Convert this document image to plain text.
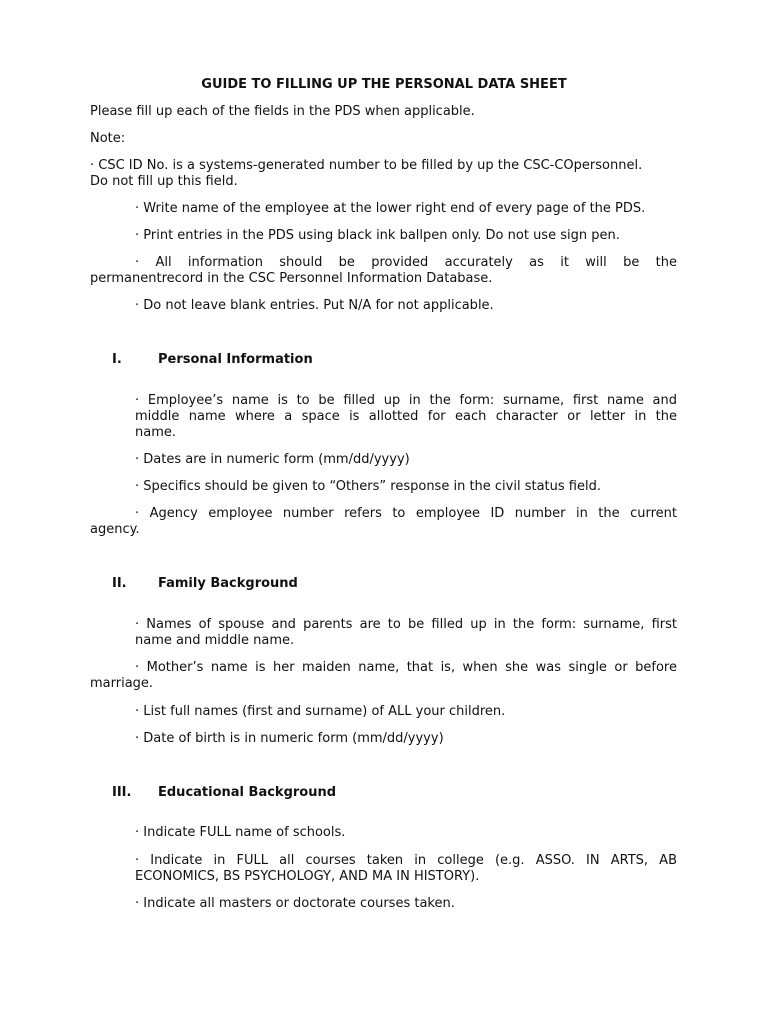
GUIDE TO FILLING UP THE PERSONAL DATA SHEET
Please fill up each of the fields in the PDS when applicable.
Note:
· CSC ID No. is a systems-generated number to be filled by up the CSC-COpersonnel.
Do not fill up this field.
· Write name of the employee at the lower right end of every page of the PDS.
· Print entries in the PDS using black ink ballpen only. Do not use sign pen.
· All information should be provided accurately as it will be the
permanentrecord in the CSC Personnel Information Database.
· Do not leave blank entries. Put N/A for not applicable.
I.	Personal Information
· Employee’s name is to be filled up in the form: surname, first name and
middle name where a space is allotted for each character or letter in the
name.
· Dates are in numeric form (mm/dd/yyyy)
· Specifics should be given to “Others” response in the civil status field.
· Agency employee number refers to employee ID number in the current
agency.
II. Family Background
· Names of spouse and parents are to be filled up in the form: surname, first
name and middle name.
· Mother’s name is her maiden name, that is, when she was single or before
marriage.
· List full names (first and surname) of ALL your children.
· Date of birth is in numeric form (mm/dd/yyyy)
III. Educational Background
· Indicate FULL name of schools.
· Indicate in FULL all courses taken in college (e.g. ASSO. IN ARTS, AB
ECONOMICS, BS PSYCHOLOGY, AND MA IN HISTORY).
· Indicate all masters or doctorate courses taken.
